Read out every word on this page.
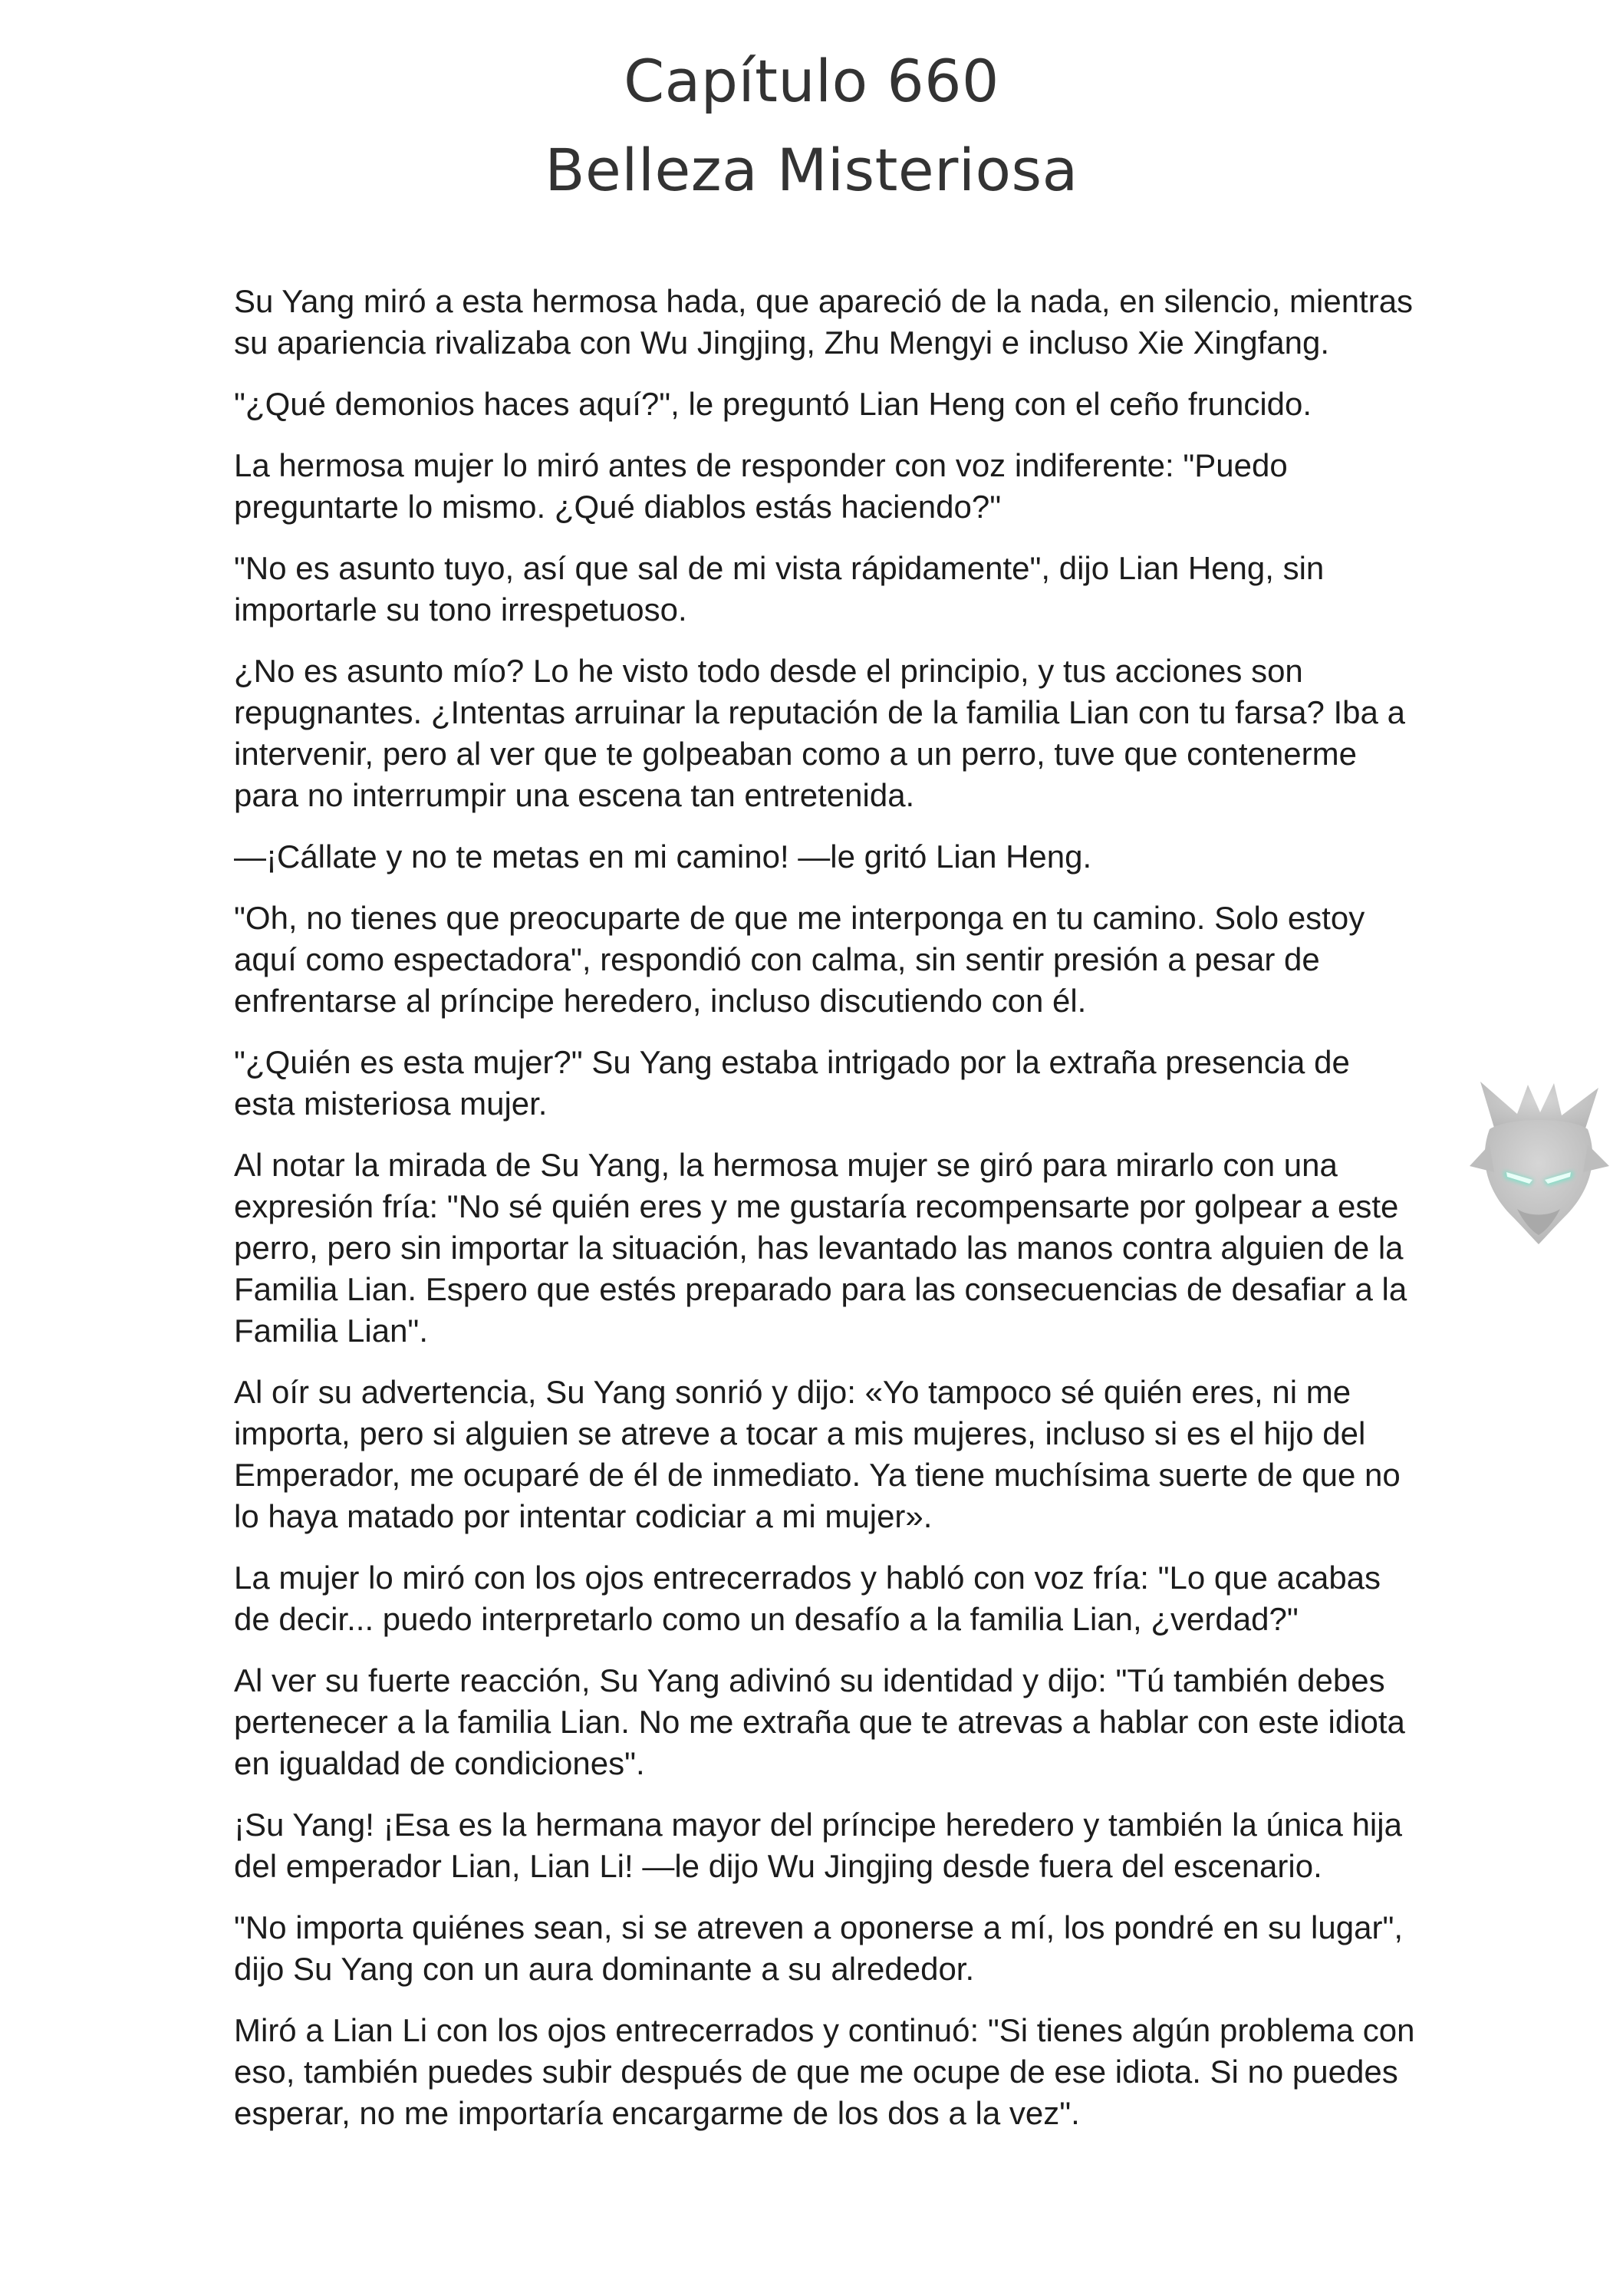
Capítulo 660
Belleza Misteriosa

Su Yang miró a esta hermosa hada, que apareció de la nada, en silencio, mientras su apariencia rivalizaba con Wu Jingjing, Zhu Mengyi e incluso Xie Xingfang.

"¿Qué demonios haces aquí?", le preguntó Lian Heng con el ceño fruncido.

La hermosa mujer lo miró antes de responder con voz indiferente: "Puedo preguntarte lo mismo. ¿Qué diablos estás haciendo?"

"No es asunto tuyo, así que sal de mi vista rápidamente", dijo Lian Heng, sin importarle su tono irrespetuoso.

¿No es asunto mío? Lo he visto todo desde el principio, y tus acciones son repugnantes. ¿Intentas arruinar la reputación de la familia Lian con tu farsa? Iba a intervenir, pero al ver que te golpeaban como a un perro, tuve que contenerme para no interrumpir una escena tan entretenida.

—¡Cállate y no te metas en mi camino! —le gritó Lian Heng.

"Oh, no tienes que preocuparte de que me interponga en tu camino. Solo estoy aquí como espectadora", respondió con calma, sin sentir presión a pesar de enfrentarse al príncipe heredero, incluso discutiendo con él.

"¿Quién es esta mujer?" Su Yang estaba intrigado por la extraña presencia de esta misteriosa mujer.

Al notar la mirada de Su Yang, la hermosa mujer se giró para mirarlo con una expresión fría: "No sé quién eres y me gustaría recompensarte por golpear a este perro, pero sin importar la situación, has levantado las manos contra alguien de la Familia Lian. Espero que estés preparado para las consecuencias de desafiar a la Familia Lian".

Al oír su advertencia, Su Yang sonrió y dijo: «Yo tampoco sé quién eres, ni me importa, pero si alguien se atreve a tocar a mis mujeres, incluso si es el hijo del Emperador, me ocuparé de él de inmediato. Ya tiene muchísima suerte de que no lo haya matado por intentar codiciar a mi mujer».

La mujer lo miró con los ojos entrecerrados y habló con voz fría: "Lo que acabas de decir... puedo interpretarlo como un desafío a la familia Lian, ¿verdad?"

Al ver su fuerte reacción, Su Yang adivinó su identidad y dijo: "Tú también debes pertenecer a la familia Lian. No me extraña que te atrevas a hablar con este idiota en igualdad de condiciones".

¡Su Yang! ¡Esa es la hermana mayor del príncipe heredero y también la única hija del emperador Lian, Lian Li! —le dijo Wu Jingjing desde fuera del escenario.

"No importa quiénes sean, si se atreven a oponerse a mí, los pondré en su lugar", dijo Su Yang con un aura dominante a su alrededor.

Miró a Lian Li con los ojos entrecerrados y continuó: "Si tienes algún problema con eso, también puedes subir después de que me ocupe de ese idiota. Si no puedes esperar, no me importaría encargarme de los dos a la vez".
